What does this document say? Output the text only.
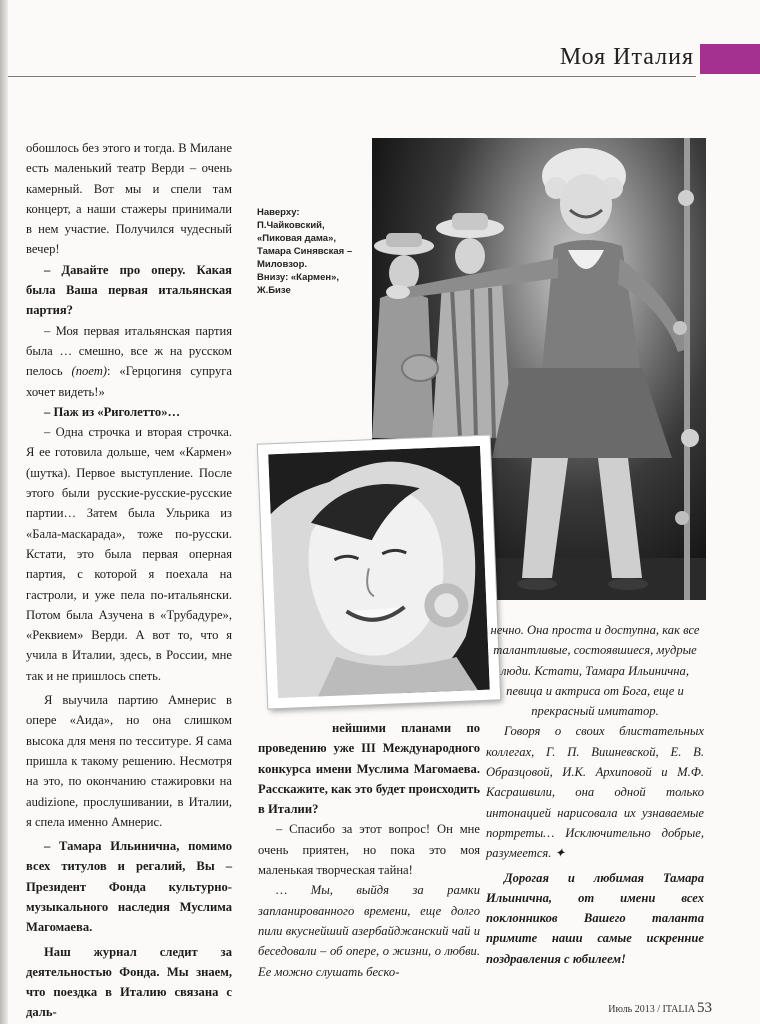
Моя Италия

обошлось без этого и тогда. В Милане есть маленький театр Верди – очень камерный. Вот мы и спели там концерт, а наши стажеры принимали в нем участие. Получился чудесный вечер!

– Давайте про оперу. Какая была Ваша первая итальянская партия?

– Моя первая итальянская партия была … смешно, все ж на русском пелось (поет): «Герцогиня супруга хочет видеть!»

– Паж из «Риголетто»…

– Одна строчка и вторая строчка. Я ее готовила дольше, чем «Кармен» (шутка). Первое выступление. После этого были русские-русские-русские партии… Затем была Ульрика из «Бала-маскарада», тоже по-русски. Кстати, это была первая оперная партия, с которой я поехала на гастроли, и уже пела по-итальянски. Потом была Азучена в «Трубадуре», «Реквием» Верди. А вот то, что я учила в Италии, здесь, в России, мне так и не пришлось спеть.

Я выучила партию Амнерис в опере «Аида», но она слишком высока для меня по тесситуре. Я сама пришла к такому решению. Несмотря на это, по окончанию стажировки на audizione, прослушивании, в Италии, я спела именно Амнерис.

– Тамара Ильинична, помимо всех титулов и регалий, Вы – Президент Фонда культурно-музыкального наследия Муслима Магомаева.

Наш журнал следит за деятельностью Фонда. Мы знаем, что поездка в Италию связана с даль-

Наверху:
П.Чайковский,
«Пиковая дама»,
Тамара Синявская –
Миловзор.
Внизу: «Кармен»,
Ж.Бизе

нейшими планами по проведению уже III Международного конкурса имени Муслима Магомаева. Расскажите, как это будет происходить в Италии?

– Спасибо за этот вопрос! Он мне очень приятен, но пока это моя маленькая творческая тайна!

… Мы, выйдя за рамки запланированного времени, еще долго пили вкуснейший азербайджанский чай и беседовали – об опере, о жизни, о любви. Ее можно слушать беско-

нечно. Она проста и доступна, как все талантливые, состоявшиеся, мудрые люди. Кстати, Тамара Ильинична, певица и актриса от Бога, еще и прекрасный имитатор.

Говоря о своих блистательных коллегах, Г. П. Вишневской, Е. В. Образцовой, И.К. Архиповой и М.Ф. Касрашвили, она одной только интонацией нарисовала их узнаваемые портреты… Исключительно добрые, разумеется. ✦

Дорогая и любимая Тамара Ильинична, от имени всех поклонников Вашего таланта примите наши самые искренние поздравления с юбилеем!

Июль 2013 / ITALIA 53
